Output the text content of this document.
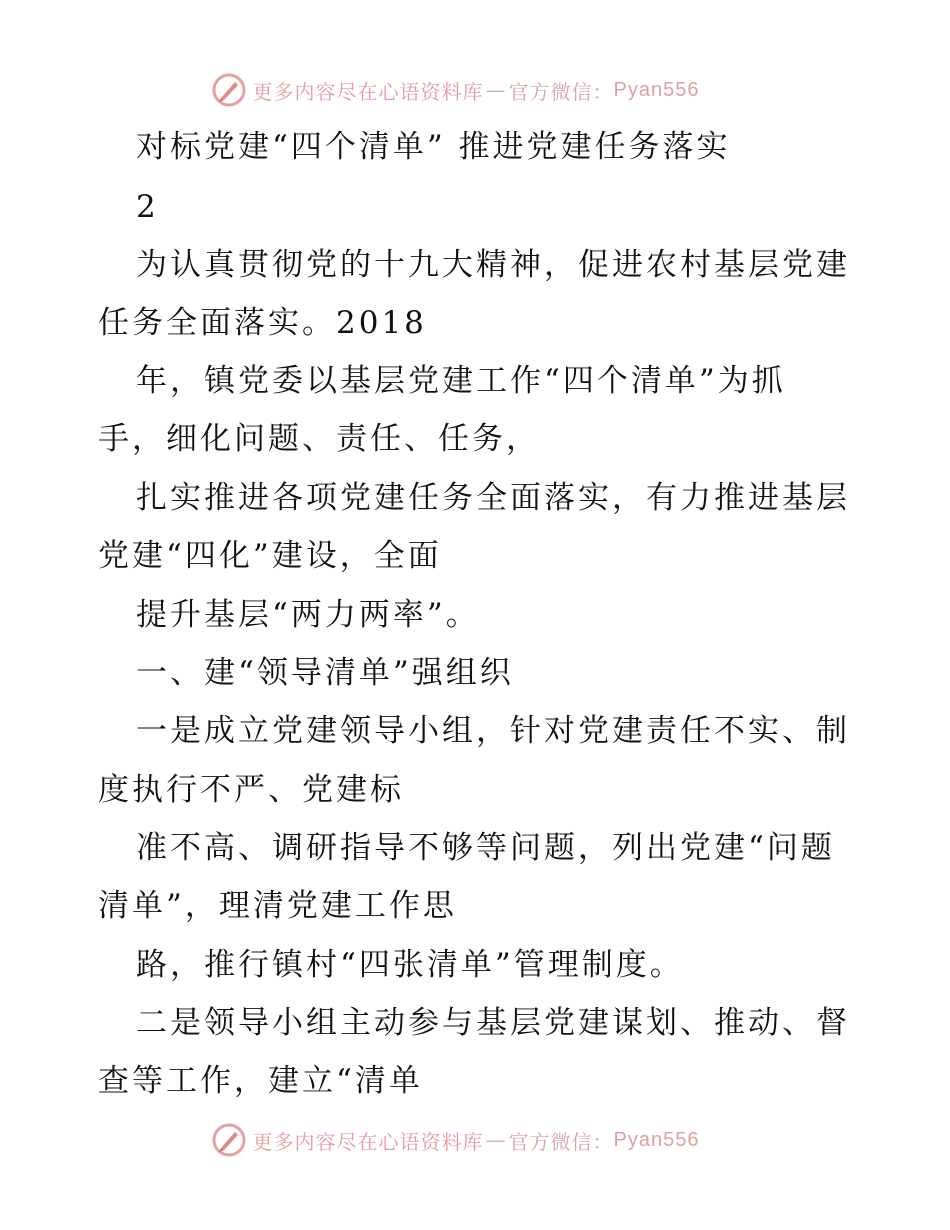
更多内容尽在心语资料库 — 官方微信： Pyan556
对标党建“四个清单” 推进党建任务落实
2
为认真贯彻党的十九大精神，促进农村基层党建
任务全面落实。2018
年，镇党委以基层党建工作“四个清单”为抓
手，细化问题、责任、任务，
扎实推进各项党建任务全面落实，有力推进基层
党建“四化”建设，全面
提升基层“两力两率”。
一、建“领导清单”强组织
一是成立党建领导小组，针对党建责任不实、制
度执行不严、党建标
准不高、调研指导不够等问题，列出党建“问题
清单”，理清党建工作思
路，推行镇村“四张清单”管理制度。
二是领导小组主动参与基层党建谋划、推动、督
查等工作，建立“清单
更多内容尽在心语资料库 — 官方微信： Pyan556
